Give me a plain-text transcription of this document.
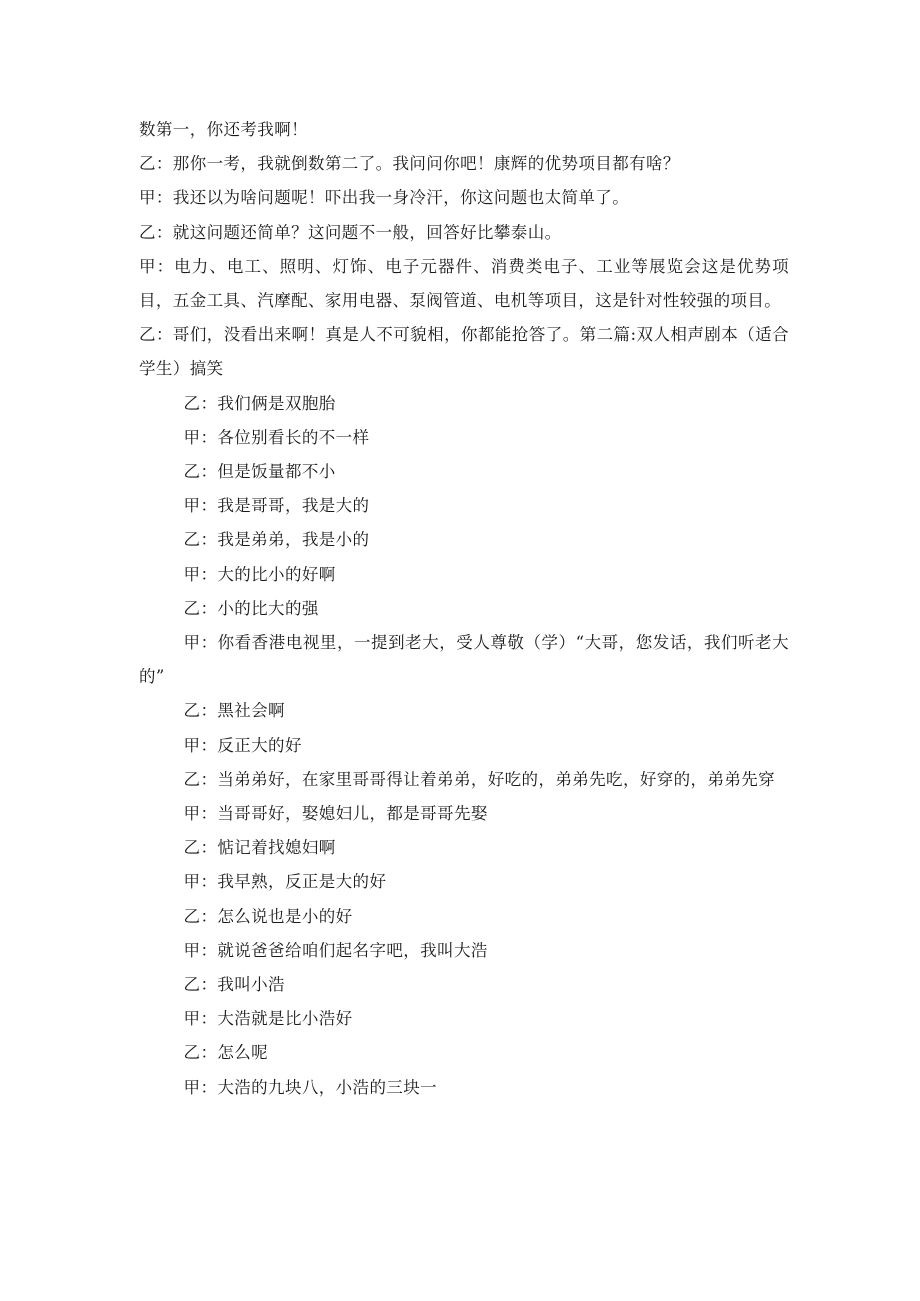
数第一，你还考我啊！

乙：那你一考，我就倒数第二了。我问问你吧！康辉的优势项目都有啥？

甲：我还以为啥问题呢！吓出我一身冷汗，你这问题也太简单了。

乙：就这问题还简单？这问题不一般，回答好比攀泰山。

甲：电力、电工、照明、灯饰、电子元器件、消费类电子、工业等展览会这是优势项目，五金工具、汽摩配、家用电器、泵阀管道、电机等项目，这是针对性较强的项目。

乙：哥们，没看出来啊！真是人不可貌相，你都能抢答了。第二篇:双人相声剧本（适合学生）搞笑

乙：我们俩是双胞胎

甲：各位别看长的不一样

乙：但是饭量都不小

甲：我是哥哥，我是大的

乙：我是弟弟，我是小的

甲：大的比小的好啊

乙：小的比大的强

甲：你看香港电视里，一提到老大，受人尊敬（学）“大哥，您发话，我们听老大的”

乙：黑社会啊

甲：反正大的好

乙：当弟弟好，在家里哥哥得让着弟弟，好吃的，弟弟先吃，好穿的，弟弟先穿

甲：当哥哥好，娶媳妇儿，都是哥哥先娶

乙：惦记着找媳妇啊

甲：我早熟，反正是大的好

乙：怎么说也是小的好

甲：就说爸爸给咱们起名字吧，我叫大浩

乙：我叫小浩

甲：大浩就是比小浩好

乙：怎么呢

甲：大浩的九块八，小浩的三块一
